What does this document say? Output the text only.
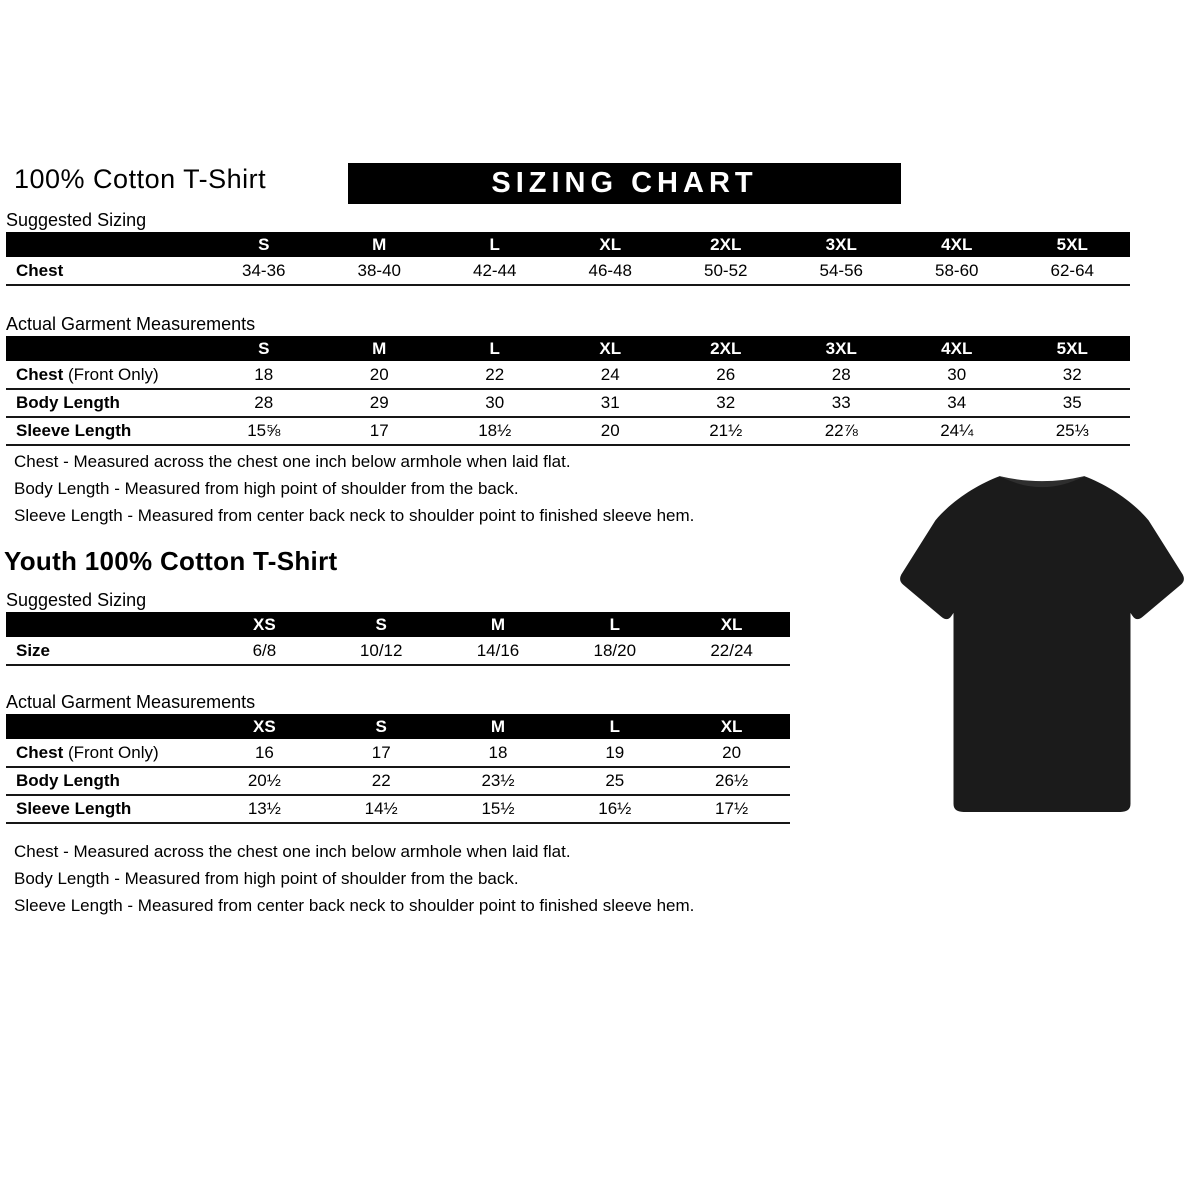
100% Cotton T-Shirt	SIZING CHART
Suggested Sizing
	S	M	L	XL	2XL	3XL	4XL	5XL
Chest	34-36	38-40	42-44	46-48	50-52	54-56	58-60	62-64
Actual Garment Measurements
	S	M	L	XL	2XL	3XL	4XL	5XL
Chest (Front Only)	18	20	22	24	26	28	30	32
Body Length	28	29	30	31	32	33	34	35
Sleeve Length	15⅝	17	18½	20	21½	22⅞	24¼	25⅓
Chest - Measured across the chest one inch below armhole when laid flat.
Body Length - Measured from high point of shoulder from the back.
Sleeve Length - Measured from center back neck to shoulder point to finished sleeve hem.
Youth 100% Cotton T-Shirt
Suggested Sizing
	XS	S	M	L	XL
Size	6/8	10/12	14/16	18/20	22/24
Actual Garment Measurements
	XS	S	M	L	XL
Chest (Front Only)	16	17	18	19	20
Body Length	20½	22	23½	25	26½
Sleeve Length	13½	14½	15½	16½	17½
Chest - Measured across the chest one inch below armhole when laid flat.
Body Length - Measured from high point of shoulder from the back.
Sleeve Length - Measured from center back neck to shoulder point to finished sleeve hem.
